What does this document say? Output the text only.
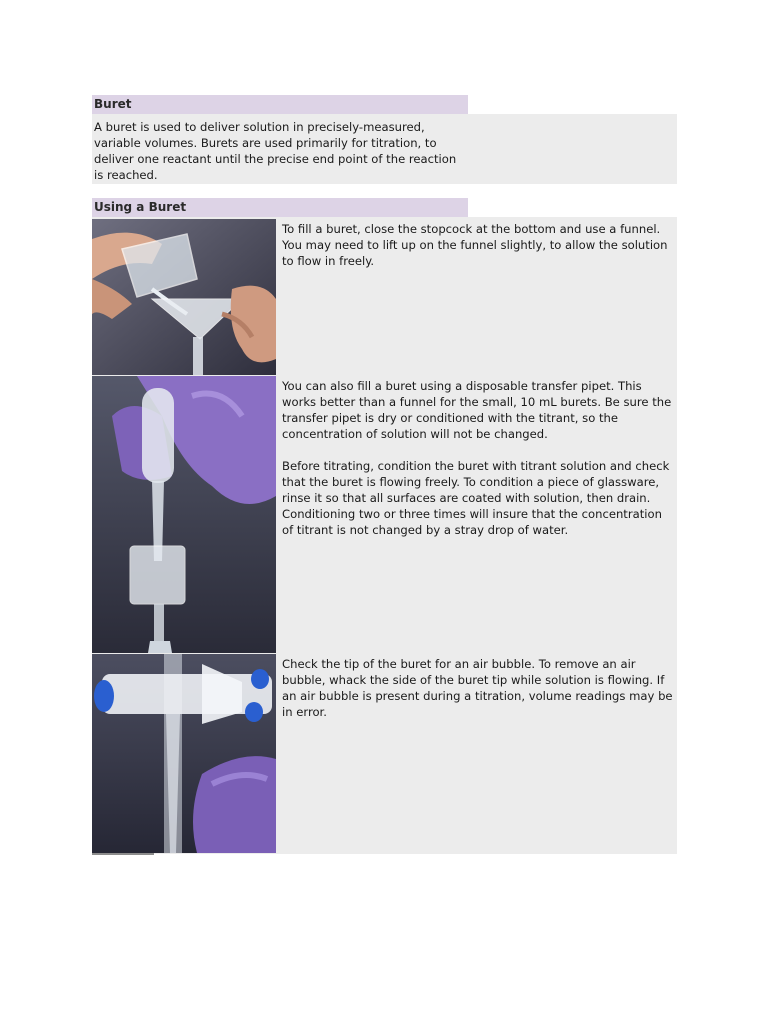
Buret

A buret is used to deliver solution in precisely-measured, variable volumes. Burets are used primarily for titration, to deliver one reactant until the precise end point of the reaction is reached.

Using a Buret

To fill a buret, close the stopcock at the bottom and use a funnel. You may need to lift up on the funnel slightly, to allow the solution to flow in freely.

You can also fill a buret using a disposable transfer pipet. This works better than a funnel for the small, 10 mL burets. Be sure the transfer pipet is dry or conditioned with the titrant, so the concentration of solution will not be changed.

Before titrating, condition the buret with titrant solution and check that the buret is flowing freely. To condition a piece of glassware, rinse it so that all surfaces are coated with solution, then drain. Conditioning two or three times will insure that the concentration of titrant is not changed by a stray drop of water.

Check the tip of the buret for an air bubble. To remove an air bubble, whack the side of the buret tip while solution is flowing. If an air bubble is present during a titration, volume readings may be in error.
